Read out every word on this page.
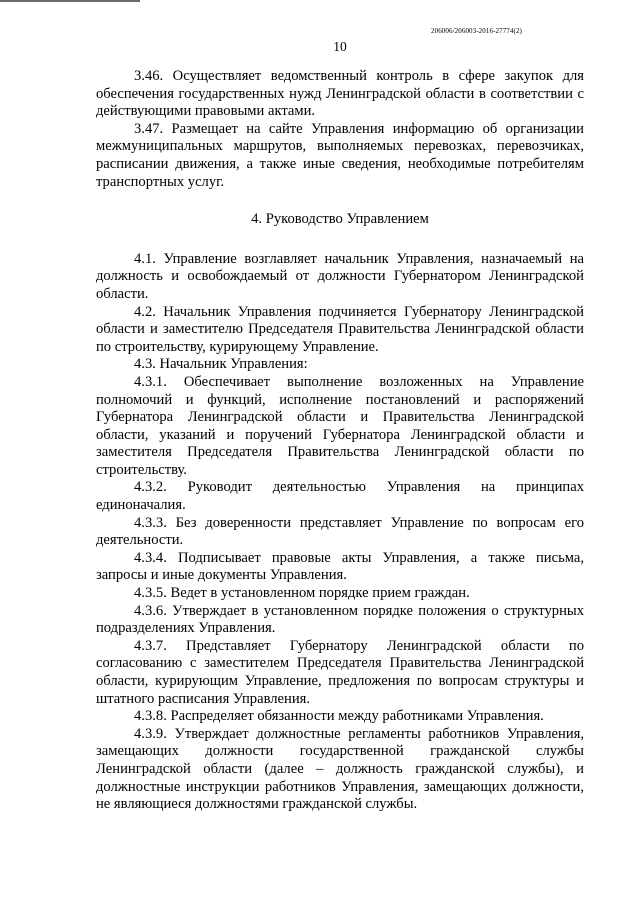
206006/206003-2016-27774(2)
10

3.46. Осуществляет ведомственный контроль в сфере закупок для обеспечения государственных нужд Ленинградской области в соответствии с действующими правовыми актами.

3.47. Размещает на сайте Управления информацию об организации межмуниципальных маршрутов, выполняемых перевозках, перевозчиках, расписании движения, а также иные сведения, необходимые потребителям транспортных услуг.

4. Руководство Управлением

4.1. Управление возглавляет начальник Управления, назначаемый на должность и освобождаемый от должности Губернатором Ленинградской области.

4.2. Начальник Управления подчиняется Губернатору Ленинградской области и заместителю Председателя Правительства Ленинградской области по строительству, курирующему Управление.

4.3. Начальник Управления:

4.3.1. Обеспечивает выполнение возложенных на Управление полномочий и функций, исполнение постановлений и распоряжений Губернатора Ленинградской области и Правительства Ленинградской области, указаний и поручений Губернатора Ленинградской области и заместителя Председателя Правительства Ленинградской области по строительству.

4.3.2. Руководит деятельностью Управления на принципах единоначалия.

4.3.3. Без доверенности представляет Управление по вопросам его деятельности.

4.3.4. Подписывает правовые акты Управления, а также письма, запросы и иные документы Управления.

4.3.5. Ведет в установленном порядке прием граждан.

4.3.6. Утверждает в установленном порядке положения о структурных подразделениях Управления.

4.3.7. Представляет Губернатору Ленинградской области по согласованию с заместителем Председателя Правительства Ленинградской области, курирующим Управление, предложения по вопросам структуры и штатного расписания Управления.

4.3.8. Распределяет обязанности между работниками Управления.

4.3.9. Утверждает должностные регламенты работников Управления, замещающих должности государственной гражданской службы Ленинградской области (далее – должность гражданской службы), и должностные инструкции работников Управления, замещающих должности, не являющиеся должностями гражданской службы.
